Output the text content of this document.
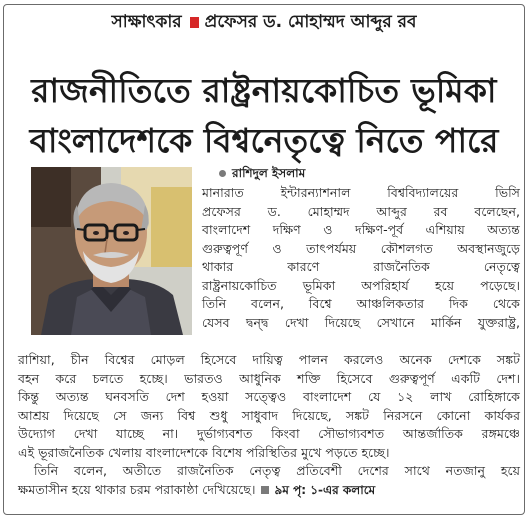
সাক্ষাৎকার প্রফেসর ড. মোহাম্মদ আব্দুর রব
রাজনীতিতে রাষ্ট্রনায়কোচিত ভূমিকা
বাংলাদেশকে বিশ্বনেতৃত্বে নিতে পারে
রাশিদুল ইসলাম
মানারাত ইন্টারন্যাশনাল বিশ্ববিদ্যালয়ের ভিসি
প্রফেসর ড. মোহাম্মদ আব্দুর রব বলেছেন,
বাংলাদেশ দক্ষিণ ও দক্ষিণ-পূর্ব এশিয়ায় অত্যন্ত
গুরুত্বপূর্ণ ও তাৎপর্যময় কৌশলগত অবস্থানজুড়ে
থাকার কারণে রাজনৈতিক নেতৃত্বে
রাষ্ট্রনায়কোচিত ভূমিকা অপরিহার্য হয়ে পড়েছে।
তিনি বলেন, বিশ্বে আঞ্চলিকতার দিক থেকে
যেসব দ্বন্দ্ব দেখা দিয়েছে সেখানে মার্কিন যুক্তরাষ্ট্র,
রাশিয়া, চীন বিশ্বের মোড়ল হিসেবে দায়িত্ব পালন করলেও অনেক দেশকে সঙ্কট
বহন করে চলতে হচ্ছে। ভারতও আধুনিক শক্তি হিসেবে গুরুত্বপূর্ণ একটি দেশ।
কিন্তু অত্যন্ত ঘনবসতি দেশ হওয়া সত্ত্বেও বাংলাদেশ যে ১২ লাখ রোহিঙ্গাকে
আশ্রয় দিয়েছে সে জন্য বিশ্ব শুধু সাধুবাদ দিয়েছে, সঙ্কট নিরসনে কোনো কার্যকর
উদ্যোগ দেখা যাচ্ছে না। দুর্ভাগ্যবশত কিংবা সৌভাগ্যবশত আন্তর্জাতিক রঙ্গমঞ্চে
এই ভূরাজনৈতিক খেলায় বাংলাদেশকে বিশেষ পরিস্থিতির মুখে পড়তে হচ্ছে।
তিনি বলেন, অতীতে রাজনৈতিক নেতৃত্ব প্রতিবেশী দেশের সাথে নতজানু হয়ে
ক্ষমতাসীন হয়ে থাকার চরম পরাকাষ্ঠা দেখিয়েছে। ৯ম পৃ: ১-এর কলামে
